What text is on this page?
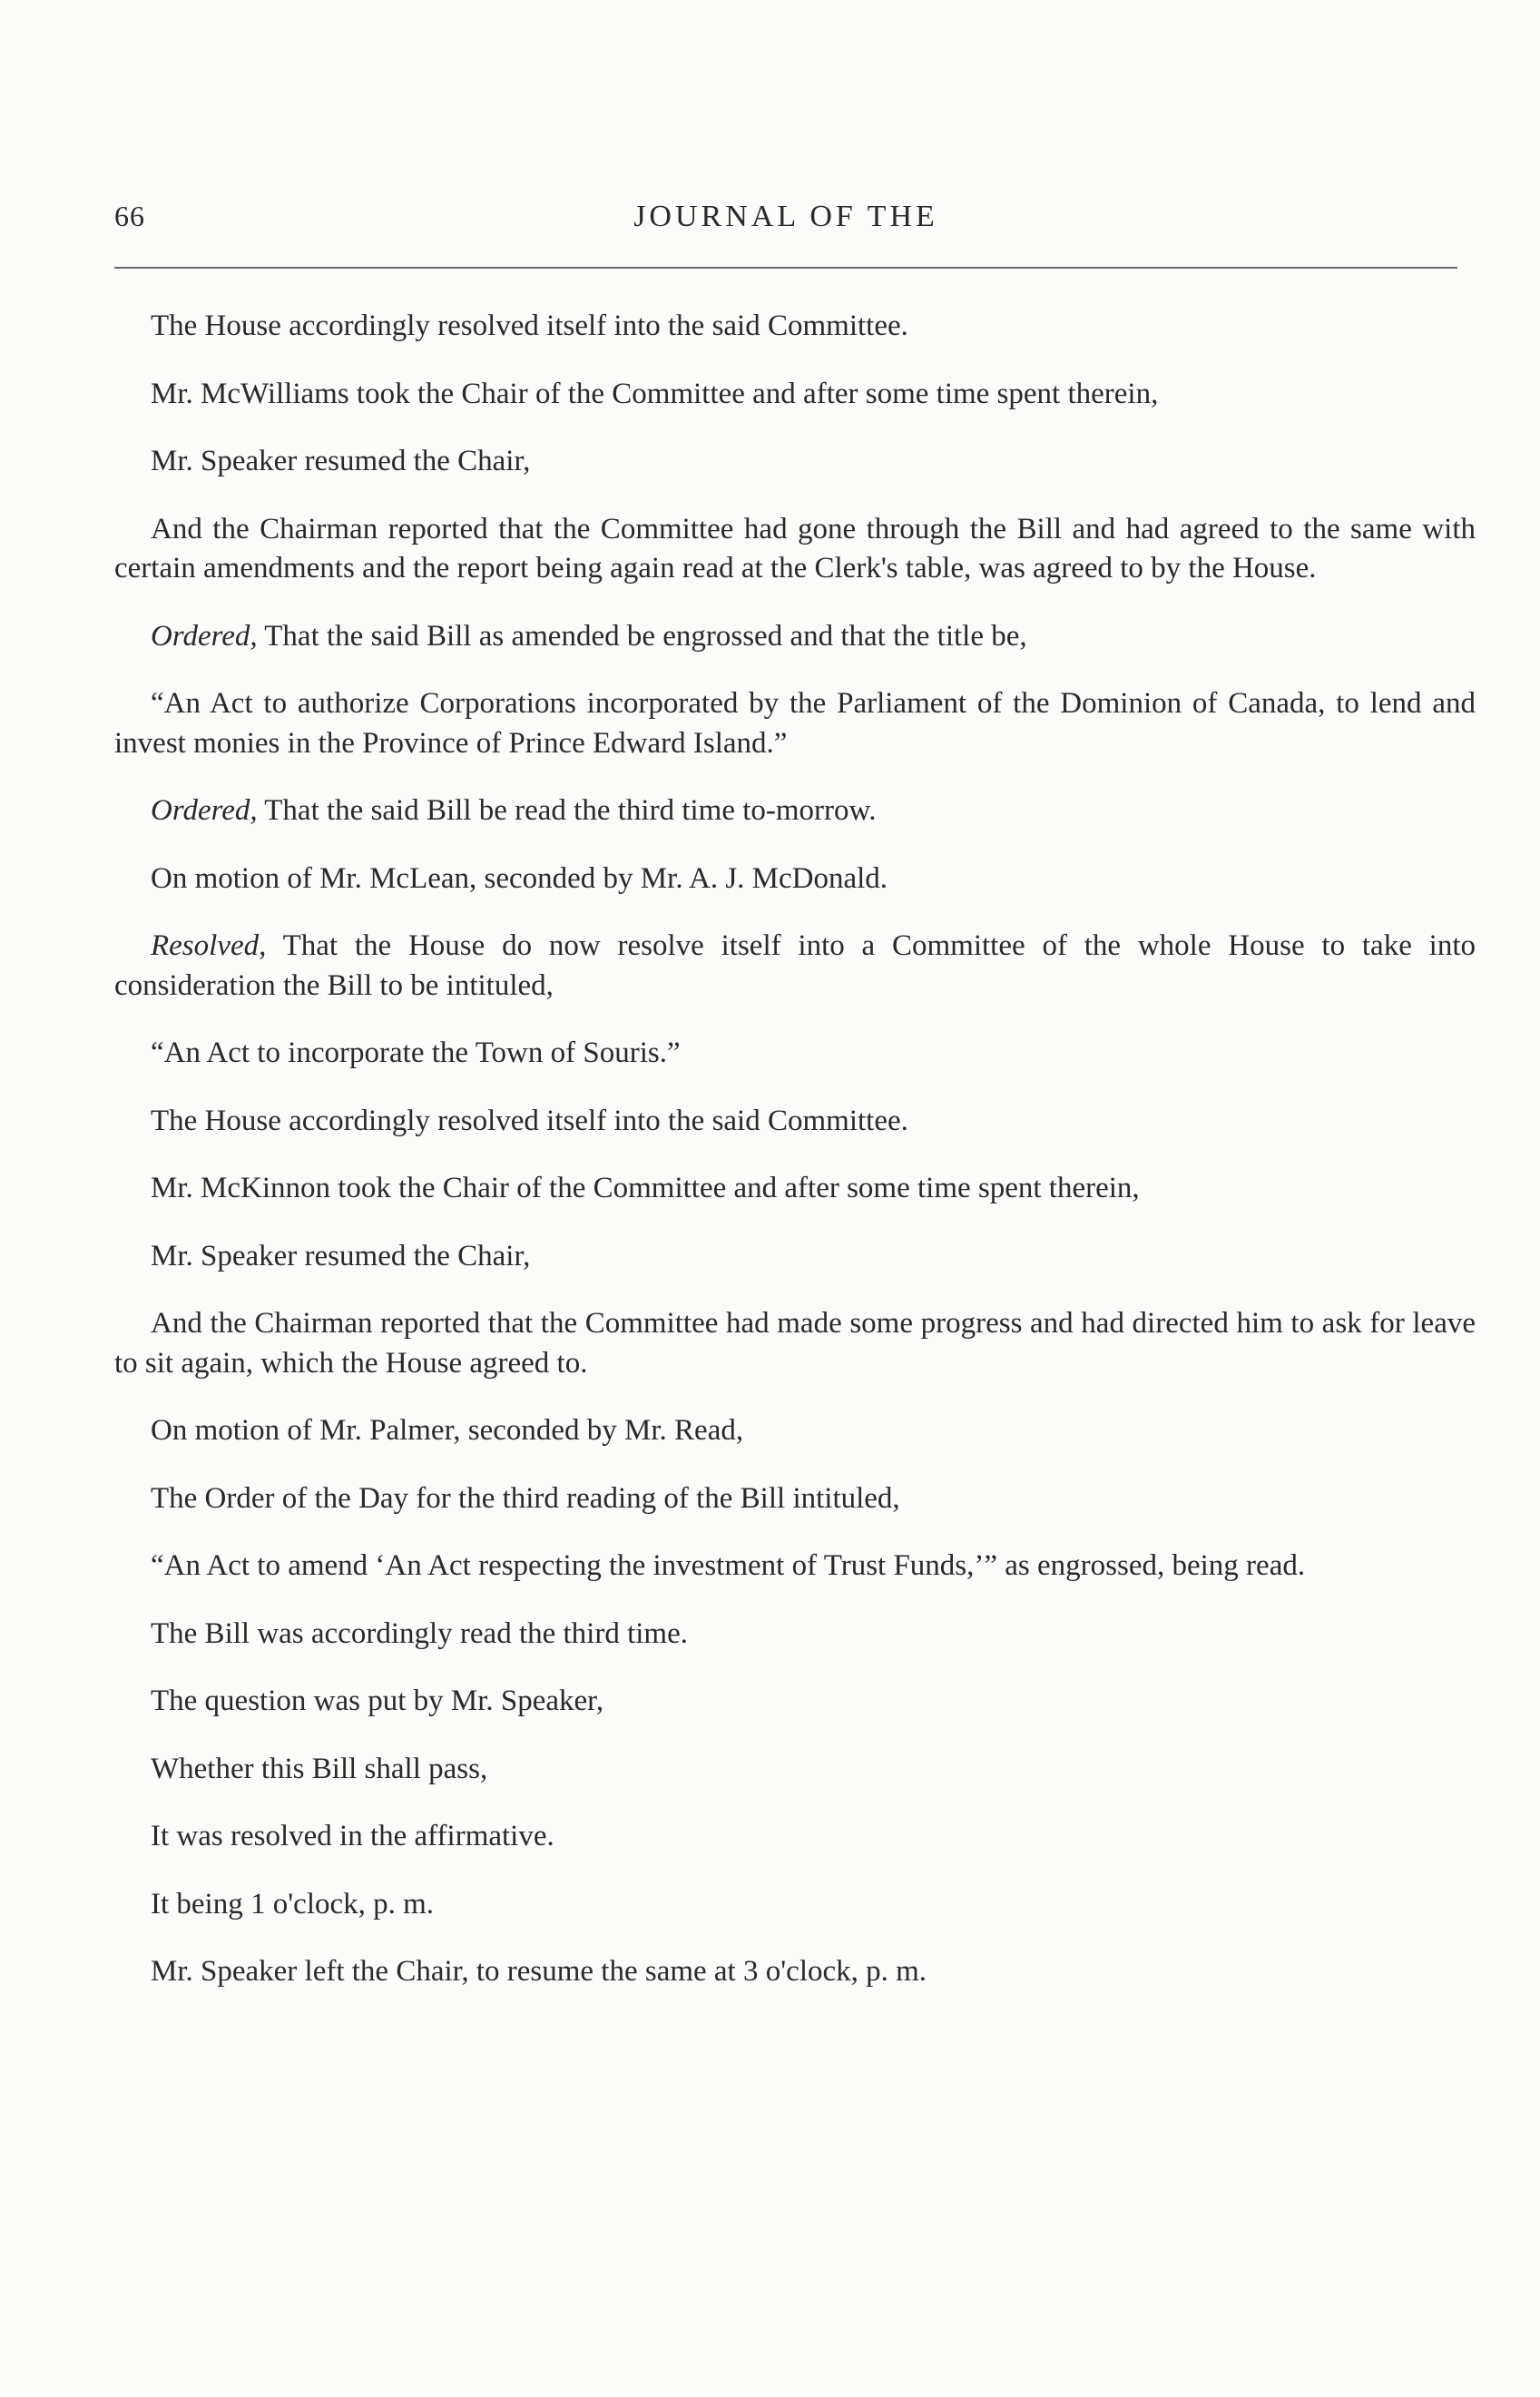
66	JOURNAL OF THE

The House accordingly resolved itself into the said Committee.

Mr. McWilliams took the Chair of the Committee and after some time spent therein,

Mr. Speaker resumed the Chair,

And the Chairman reported that the Committee had gone through the Bill and had agreed to the same with certain amendments and the report being again read at the Clerk's table, was agreed to by the House.

Ordered, That the said Bill as amended be engrossed and that the title be,

“An Act to authorize Corporations incorporated by the Parliament of the Dominion of Canada, to lend and invest monies in the Province of Prince Edward Island.”

Ordered, That the said Bill be read the third time to-morrow.

On motion of Mr. McLean, seconded by Mr. A. J. McDonald.

Resolved, That the House do now resolve itself into a Committee of the whole House to take into consideration the Bill to be intituled,

“An Act to incorporate the Town of Souris.”

The House accordingly resolved itself into the said Committee.

Mr. McKinnon took the Chair of the Committee and after some time spent therein,

Mr. Speaker resumed the Chair,

And the Chairman reported that the Committee had made some progress and had directed him to ask for leave to sit again, which the House agreed to.

On motion of Mr. Palmer, seconded by Mr. Read,

The Order of the Day for the third reading of the Bill intituled,

“An Act to amend ‘An Act respecting the investment of Trust Funds,’” as engrossed, being read.

The Bill was accordingly read the third time.

The question was put by Mr. Speaker,

Whether this Bill shall pass,

It was resolved in the affirmative.

It being 1 o'clock, p. m.

Mr. Speaker left the Chair, to resume the same at 3 o'clock, p. m.
